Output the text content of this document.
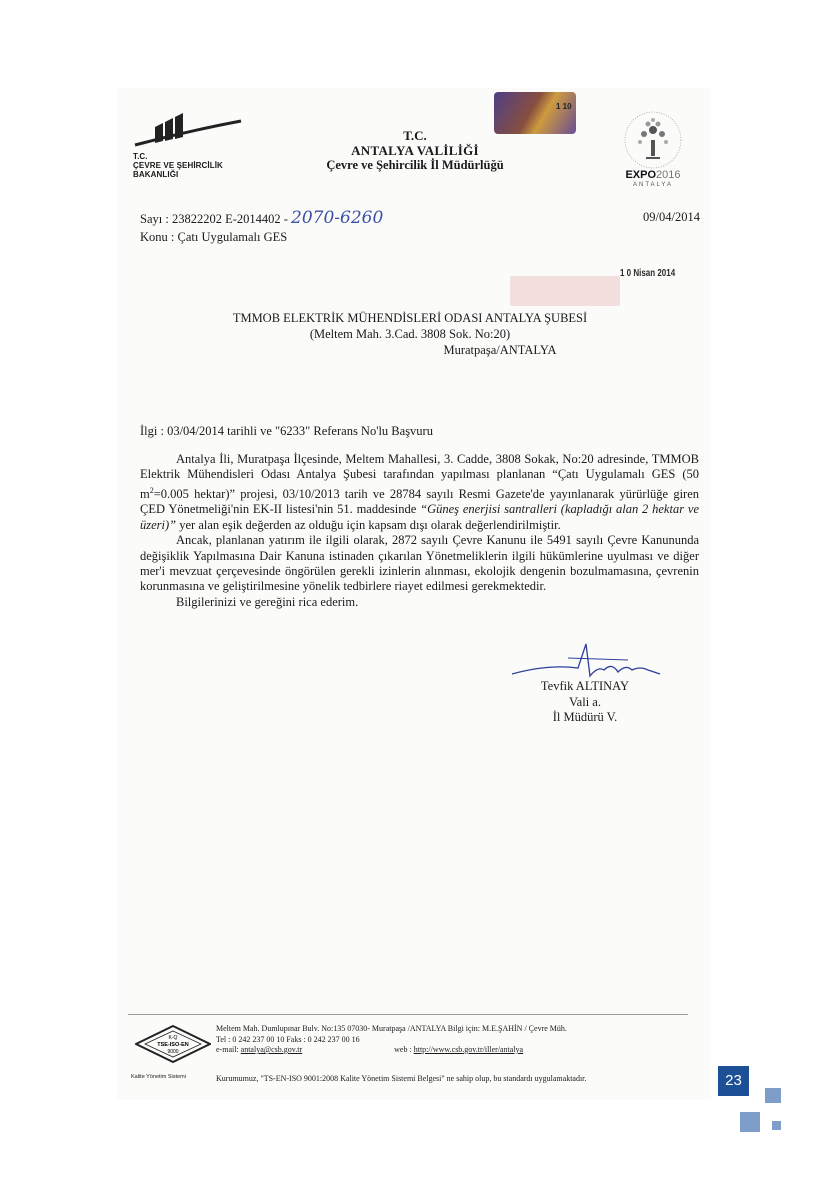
T.C.
ÇEVRE VE ŞEHİRCİLİK
BAKANLIĞI
T.C.
ANTALYA VALİLİĞİ
Çevre ve Şehircilik İl Müdürlüğü
1 10
EXPO2016
ANTALYA
Sayı : 23822202 E-2014402 - 2070-6260
Konu : Çatı Uygulamalı GES
09/04/2014
1 0 Nisan 2014
TMMOB ELEKTRİK MÜHENDİSLERİ ODASI ANTALYA ŞUBESİ
(Meltem Mah. 3.Cad. 3808 Sok. No:20)
Muratpaşa/ANTALYA
İlgi : 03/04/2014 tarihli ve "6233" Referans No'lu Başvuru

Antalya İli, Muratpaşa İlçesinde, Meltem Mahallesi, 3. Cadde, 3808 Sokak, No:20 adresinde, TMMOB Elektrik Mühendisleri Odası Antalya Şubesi tarafından yapılması planlanan “Çatı Uygulamalı GES (50 $m^2=0.005$ hektar)” projesi, 03/10/2013 tarih ve 28784 sayılı Resmi Gazete'de yayınlanarak yürürlüğe giren ÇED Yönetmeliği'nin EK-II listesi'nin 51. maddesinde “Güneş enerjisi santralleri (kapladığı alan 2 hektar ve üzeri)” yer alan eşik değerden az olduğu için kapsam dışı olarak değerlendirilmiştir.

Ancak, planlanan yatırım ile ilgili olarak, 2872 sayılı Çevre Kanunu ile 5491 sayılı Çevre Kanununda değişiklik Yapılmasına Dair Kanuna istinaden çıkarılan Yönetmeliklerin ilgili hükümlerine uyulması ve diğer mer'i mevzuat çerçevesinde öngörülen gerekli izinlerin alınması, ekolojik dengenin bozulmamasına, çevrenin korunmasına ve geliştirilmesine yönelik tedbirlere riayet edilmesi gerekmektedir.

Bilgilerinizi ve gereğini rica ederim.

Tevfik ALTINAY
Vali a.
İl Müdürü V.
K-Q
TSE-ISO-EN
9000
Kalite Yönetim Sistemi
Meltem Mah. Dumlupınar Bulv. No:135 07030- Muratpaşa /ANTALYA Bilgi için: M.E.ŞAHİN / Çevre Müh.
Tel : 0 242 237 00 10 Faks : 0 242 237 00 16
e-mail: antalya@csb.gov.tr	web : http://www.csb.gov.tr/iller/antalya
Kurumumuz, "TS-EN-ISO 9001:2008 Kalite Yönetim Sistemi Belgesi" ne sahip olup, bu standardı uygulamaktadır.	23
